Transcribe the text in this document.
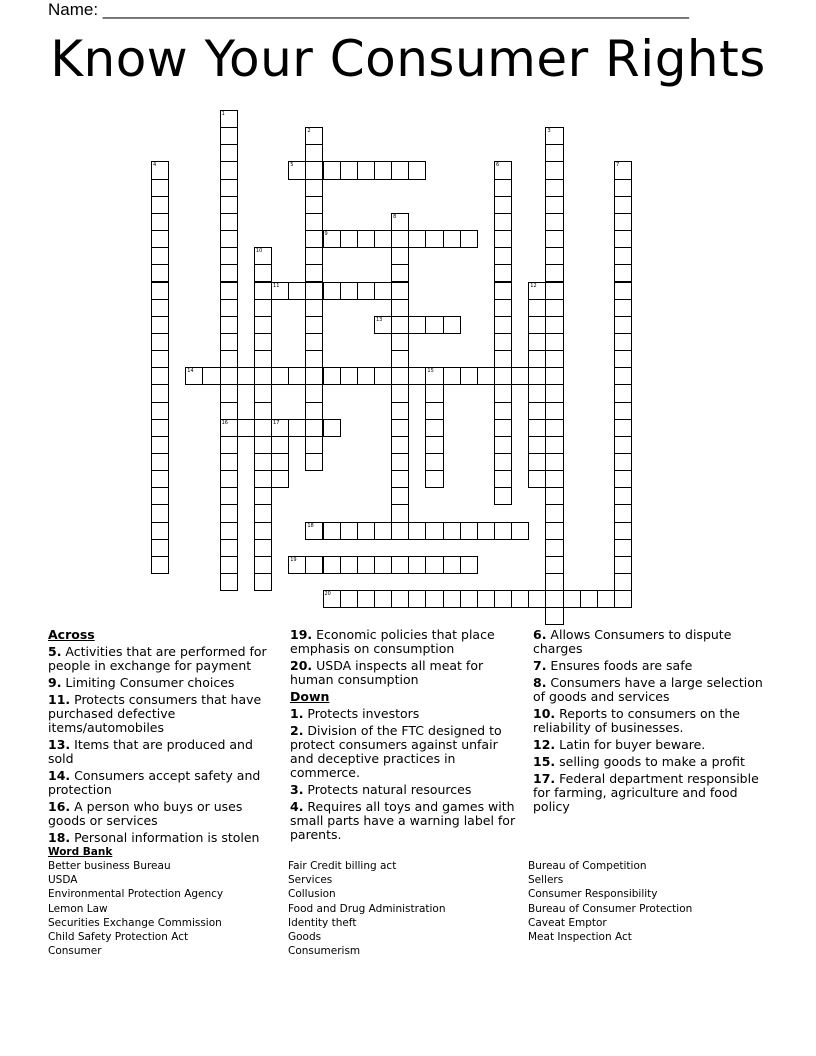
Name: ______________________________________________________________
Know Your Consumer Rights
1
16
2	3
4	5	6	7
8
9
10
11	12
13
14	15
17
18
19
20
Across
5. Activities that are performed for people in exchange for payment
9. Limiting Consumer choices
11. Protects consumers that have purchased defective items/automobiles
13. Items that are produced and sold
14. Consumers accept safety and protection
16. A person who buys or uses goods or services
18. Personal information is stolen
19. Economic policies that place emphasis on consumption
20. USDA inspects all meat for human consumption
Down
1. Protects investors
2. Division of the FTC designed to protect consumers against unfair and deceptive practices in commerce.
3. Protects natural resources
4. Requires all toys and games with small parts have a warning label for parents.
6. Allows Consumers to dispute charges
7. Ensures foods are safe
8. Consumers have a large selection of goods and services
10. Reports to consumers on the reliability of businesses.
12. Latin for buyer beware.
15. selling goods to make a profit
17. Federal department responsible for farming, agriculture and food policy
Word Bank
Better business Bureau
USDA
Environmental Protection Agency
Lemon Law
Securities Exchange Commission
Child Safety Protection Act
Consumer
Fair Credit billing act
Services
Collusion
Food and Drug Administration
Identity theft
Goods
Consumerism
Bureau of Competition
Sellers
Consumer Responsibility
Bureau of Consumer Protection
Caveat Emptor
Meat Inspection Act
